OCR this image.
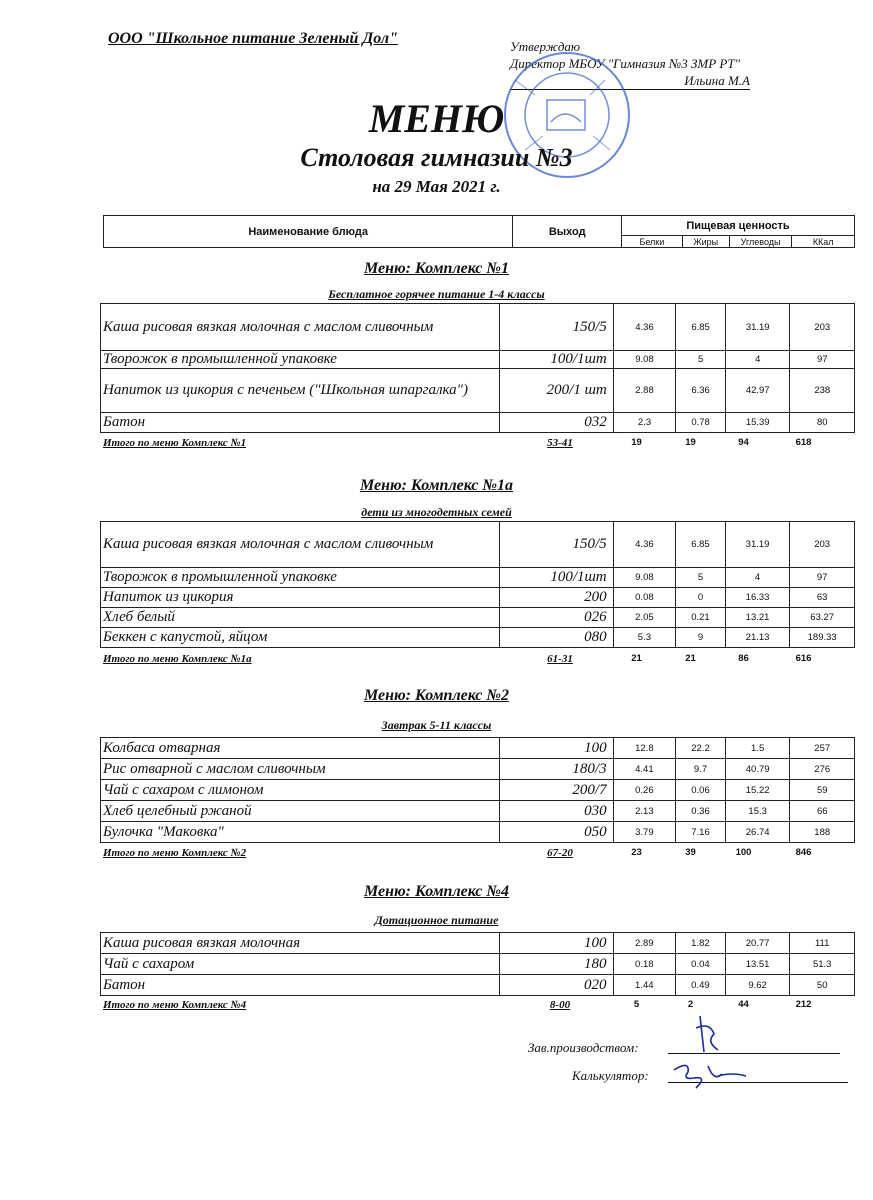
ООО "Школьное питание Зеленый Дол"	Утверждаю
Директор МБОУ "Гимназия №3 ЗМР РТ"
Ильина М.А
МЕНЮ
Столовая гимназии №3
на 29 Мая 2021 г.
Наименование блюда	Выход	Пищевая ценность			
		Белки	Жиры	Углеводы	ККал
Меню: Комплекс №1
Бесплатное горячее питание 1-4 классы
Каша рисовая вязкая молочная с маслом сливочным	150/5	4.36	6.85	31.19	203
Творожок в промышленной упаковке	100/1шт	9.08	5	4	97
Напиток из цикория с печеньем ("Школьная шпаргалка")	200/1 шт	2.88	6.36	42.97	238
Батон	032	2.3	0.78	15.39	80
Итого по меню Комплекс №1	53-41	19	19	94	618
Меню: Комплекс №1а
дети из многодетных семей
Каша рисовая вязкая молочная с маслом сливочным	150/5	4.36	6.85	31.19	203
Творожок в промышленной упаковке	100/1шт	9.08	5	4	97
Напиток из цикория	200	0.08	0	16.33	63
Хлеб белый	026	2.05	0.21	13.21	63.27
Беккен с капустой, яйцом	080	5.3	9	21.13	189.33
Итого по меню Комплекс №1а	61-31	21	21	86	616
Меню: Комплекс №2
Завтрак 5-11 классы
Колбаса отварная	100	12.8	22.2	1.5	257
Рис отварной с маслом сливочным	180/3	4.41	9.7	40.79	276
Чай с сахаром с лимоном	200/7	0.26	0.06	15.22	59
Хлеб целебный ржаной	030	2.13	0.36	15.3	66
Булочка "Маковка"	050	3.79	7.16	26.74	188
Итого по меню Комплекс №2	67-20	23	39	100	846
Меню: Комплекс №4
Дотационное питание
Каша рисовая вязкая молочная	100	2.89	1.82	20.77	111
Чай с сахаром	180	0.18	0.04	13.51	51.3
Батон	020	1.44	0.49	9.62	50
Итого по меню Комплекс №4	8-00	5	2	44	212
Зав.производством:
Калькулятор:
